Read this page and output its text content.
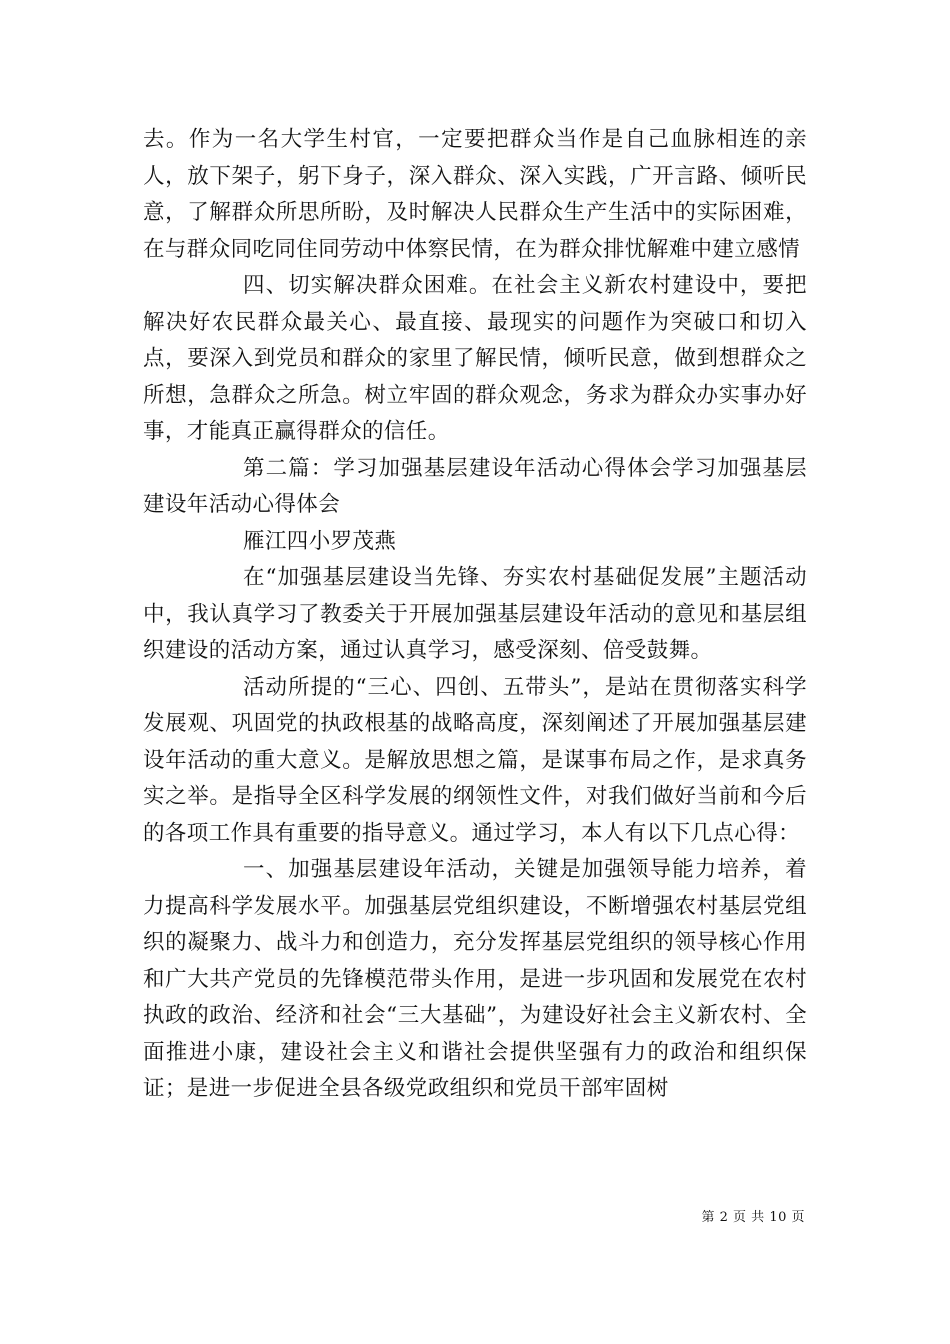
去。作为一名大学生村官，一定要把群众当作是自己血脉相连的亲人，放下架子，躬下身子，深入群众、深入实践，广开言路、倾听民意，了解群众所思所盼，及时解决人民群众生产生活中的实际困难，在与群众同吃同住同劳动中体察民情，在为群众排忧解难中建立感情

四、切实解决群众困难。在社会主义新农村建设中，要把解决好农民群众最关心、最直接、最现实的问题作为突破口和切入点，要深入到党员和群众的家里了解民情，倾听民意，做到想群众之所想，急群众之所急。树立牢固的群众观念，务求为群众办实事办好事，才能真正赢得群众的信任。

第二篇：学习加强基层建设年活动心得体会学习加强基层建设年活动心得体会

雁江四小罗茂燕

在“加强基层建设当先锋、夯实农村基础促发展”主题活动中，我认真学习了教委关于开展加强基层建设年活动的意见和基层组织建设的活动方案，通过认真学习，感受深刻、倍受鼓舞。

活动所提的“三心、四创、五带头”，是站在贯彻落实科学发展观、巩固党的执政根基的战略高度，深刻阐述了开展加强基层建设年活动的重大意义。是解放思想之篇，是谋事布局之作，是求真务实之举。是指导全区科学发展的纲领性文件，对我们做好当前和今后的各项工作具有重要的指导意义。通过学习，本人有以下几点心得：

一、加强基层建设年活动，关键是加强领导能力培养，着力提高科学发展水平。加强基层党组织建设，不断增强农村基层党组织的凝聚力、战斗力和创造力，充分发挥基层党组织的领导核心作用和广大共产党员的先锋模范带头作用，是进一步巩固和发展党在农村执政的政治、经济和社会“三大基础”，为建设好社会主义新农村、全面推进小康，建设社会主义和谐社会提供坚强有力的政治和组织保证；是进一步促进全县各级党政组织和党员干部牢固树

第 2 页 共 10 页
